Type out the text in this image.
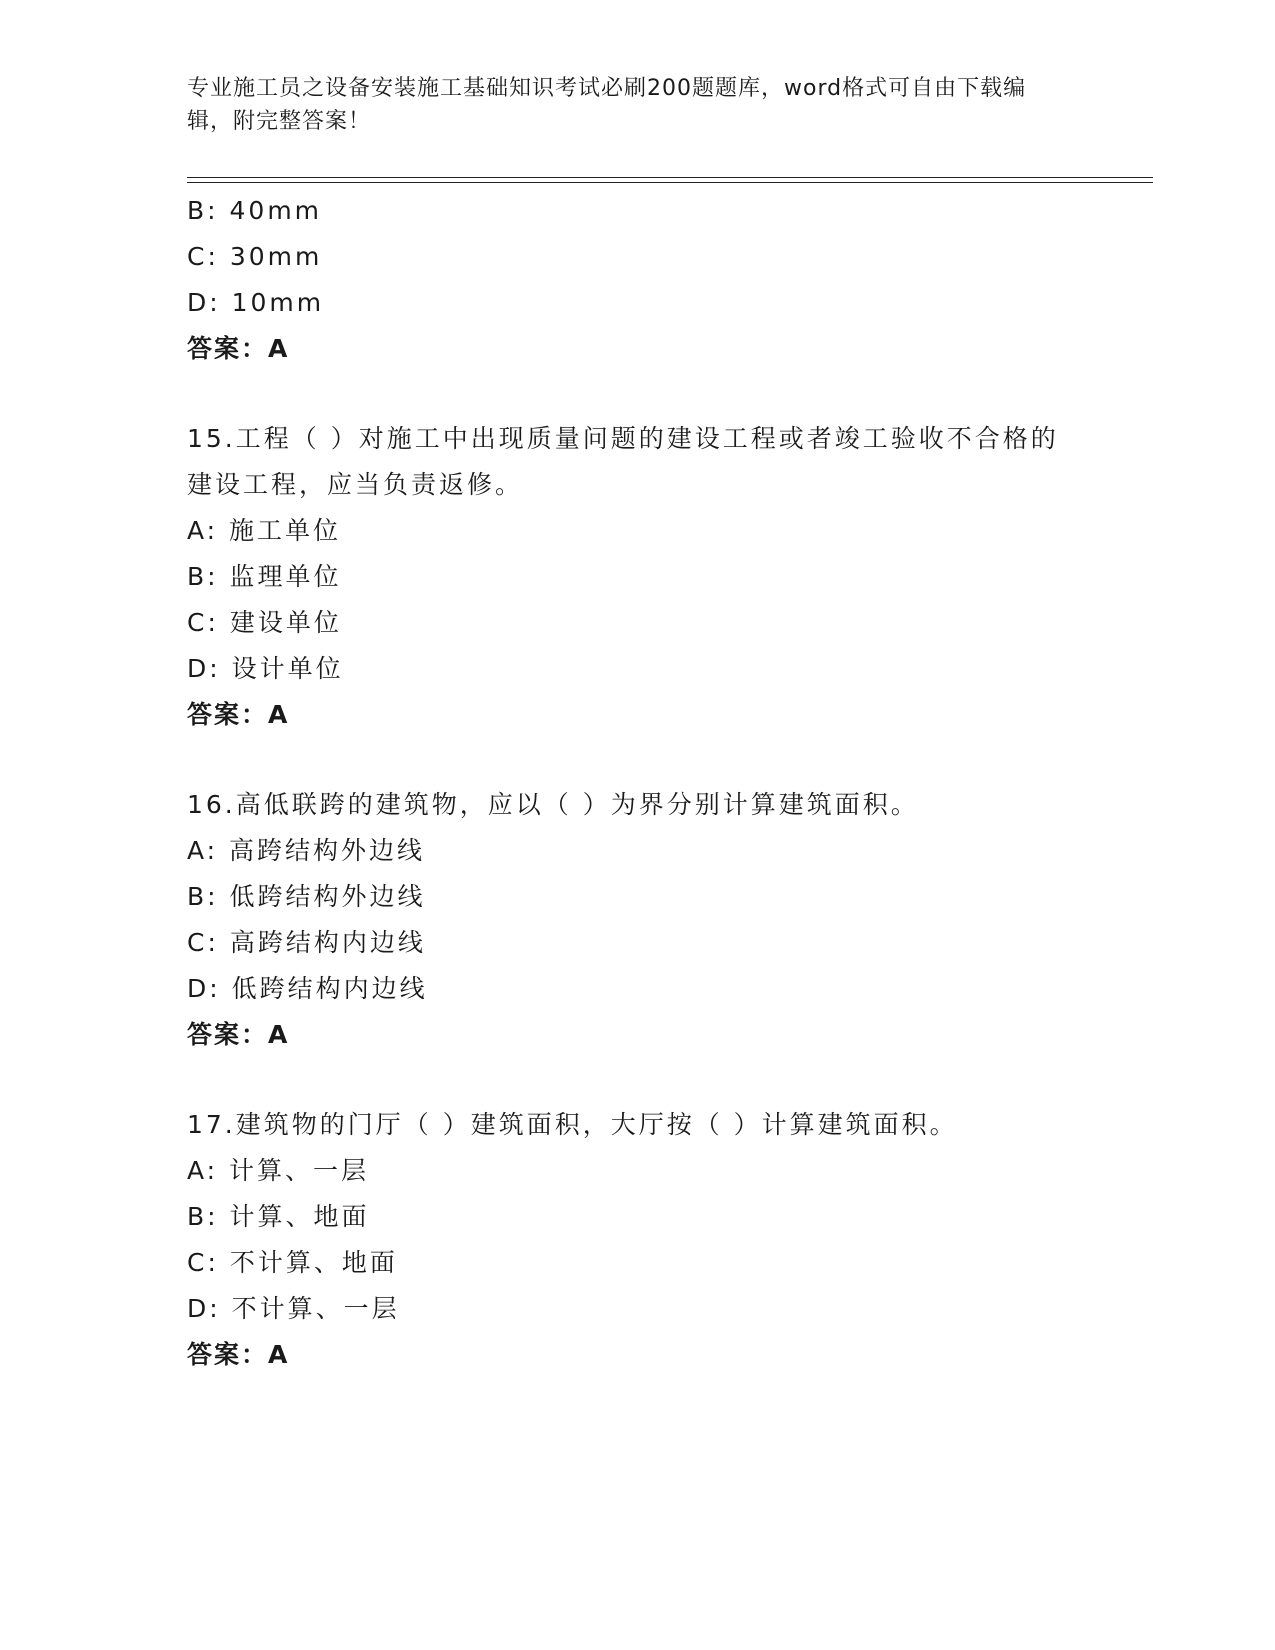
专业施工员之设备安装施工基础知识考试必刷200题题库，word格式可自由下载编辑，附完整答案！
B: 40mm
C: 30mm
D: 10mm
答案：A
15.工程（ ）对施工中出现质量问题的建设工程或者竣工验收不合格的建设工程，应当负责返修。
A: 施工单位
B: 监理单位
C: 建设单位
D: 设计单位
答案：A
16.高低联跨的建筑物，应以（ ）为界分别计算建筑面积。
A: 高跨结构外边线
B: 低跨结构外边线
C: 高跨结构内边线
D: 低跨结构内边线
答案：A
17.建筑物的门厅（ ）建筑面积，大厅按（ ）计算建筑面积。
A: 计算、一层
B: 计算、地面
C: 不计算、地面
D: 不计算、一层
答案：A
